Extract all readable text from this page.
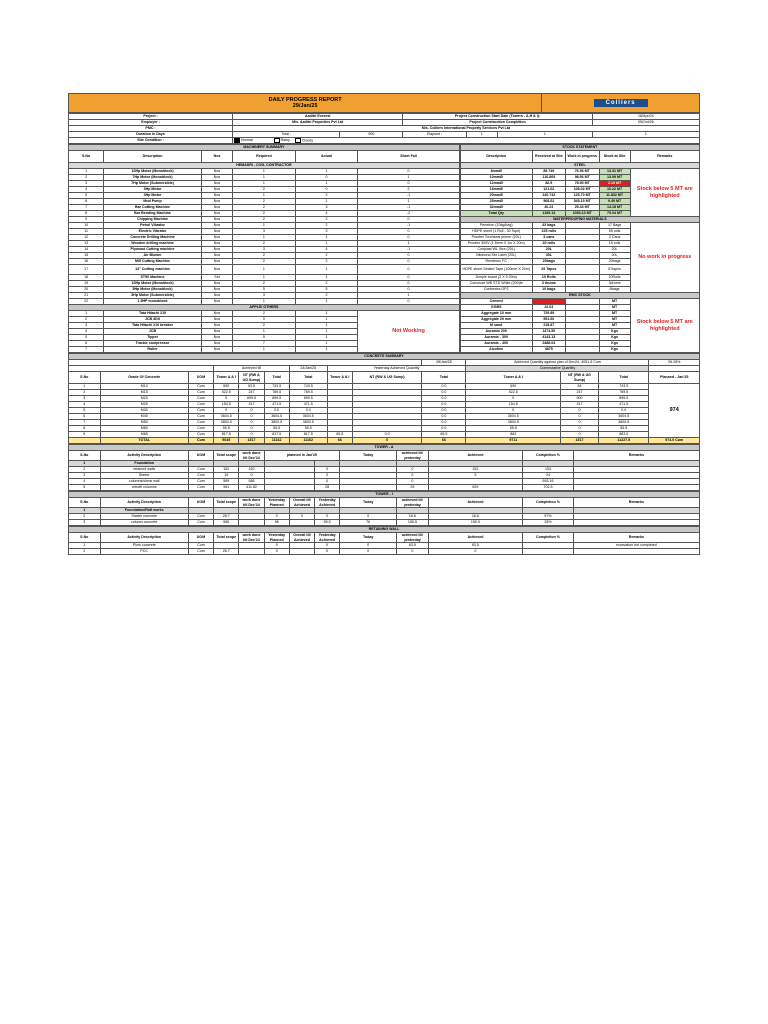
DAILY PROGRESS REPORT
29/Jan/25
	Colliers
Project :	Aaditri Everest		Project Construction Start Date (Towers - A,H & I):			18/Apr/24
Employer :	M/s. Aaditri Properties Pvt Ltd		Project Construction Completion			05/Oct/26
PMC :	M/s. Colliers International Property Services Pvt Ltd					
Duration in Days	Total :	900	Elapsed :	1	1	1
Site Condition :	Normal Rainy Cloudy					
MACHINERY SUMMARY					
S.No	Description	Nos	Required	Actual	Short Fall
HEMASRI - CIVIL CONTRACTOR					
1	10Hp Motor (Monoblock)	Nos	1	1	0
2	7Hp Motor (Monoblock)	Nos	1	0	1
3	7Hp Motor (Submersible)	Nos	1	1	0
4	3Hp Motor	Nos	2	0	2
5	3Hp Motor	Nos	1	2	-1
6	Mud Pump	Nos	2	1	1
7	Bar Cutting Machine	Nos	2	3	-1
8	Bar Bending Machine	Nos	2	4	-2
9	Chipping Machine	Nos	2	2	0
10	Petrol Vibrator	Nos	1	2	-1
11	Electric Vibrator	Nos	3	3	0
12	Concrete Drilling Machine	Nos	1	1	0
13	Wooden drilling machine	Nos	2	1	1
14	Plywood Cutting machine	Nos	3	4	-1
15	Air Blower	Nos	2	2	0
16	Mill Cutting Machine	Nos	2	2	0
17	14" Cutting machine	Nos	1	1	0
18	ST90 Machine	Set	1	1	0
19	10Hp Motor (Monoblock)	Nos	2	2	0
20	5Hp Motor (Monoblock)	Nos	5	5	0
21	3Hp Motor (Submersible)	Nos	3	2	1
22	1.5HP monoblock	Nos	1	1	0
APPLE/ OTHERS					
1	Tata Hitachi 210	Nos	2	1	Not Working
2	JCB 3DX	Nos	0	1	
3	Tata Hitachi 210 breaker	Nos	2	1	
4	JCB	Nos	1	1	
5	Tipper	Nos	5	1	
6	Tractor compressor	Nos	7	1	
7	Roller	Nos	1	1	
STOCK STATEMENT				
Description	Received at Site	Work in progress	Stock at Site	Remarks
STEEL				
8mmØ	89.749	76.56 MT	13.31 MT	Stock below 5 MT are highlighted
10mmØ	116.869	98.56 MT	13.99 MT	
12mmØ	82.9	78.90 MT	2.10 MT	
16mmØ	121.02	108.02 MT	10.22 MT	
20mmØ	140.742	125.70 MT	11.832 MT	
25mmØ	568.62	545.15 MT	9.49 MT	
32mmØ	40.24	25.43 MT	14.18 MT	
Total Qty	1159.14	1053.10 MT	79.04 MT	
WATERPROOFING MATERIALS				
Penetron (10kg/bag)	43 bags		17 Bags	No work in progress
HDPE sheet (1 Roll - 30 Sqm)	225 rolls		55 rolls	
Proofex Torchseal primer (20L)	3 cans		2 Cans	
Proofex 300V (1.5mm X 1m X 20m)	20 rolls		15 rolls	
Conplast WL Xtra (20L)	20L		20L	
Nitobond Sbr Latex (20L)	40L		20L	
Renderoc FC	20bags		20bags	
HDPE sheet Sealed Tape (100mm X 20m)	29 Tapes		57tapes	
Dimple board (2 X 9 20m)	10 Rolls		10Rolls	
Conceure WB STD White (200)ltr	3 drums		3drums	
Conbextra GP2	10 bags		8bags	
RMC STOCK				
Cement			MT	Stock below 5 MT are highlighted
GGBS	22.03		MT	
Aggregate 10 mm	729.89		MT	
Aggregate 20 mm	591.66		MT	
M sand	215.87		MT	
Auramix 200	1474.50		Kgs	
Auramix - 300	4143.13		Kgs	
Auramix - 400	2488.04		Kgs	
Alcofine	4875		Kgs	
CONCRETE SUMMARY													
									28/Jan/25	Achieved Quantity against plan of Dec24- 4051.5 Cum			26.28%
			Achieved till			24/Jan/25	Yesterday Achieved Quantity			Cummulative Quantity			
S.No	Grade Of Concrete	UOM	Tower A & I	NT (RW & UG Sump)	Total	Total	Tower A & I	NT (RW & UG Sump)	Total	Tower A & I	NT (RW & UG Sump)	Total	Planned - Jan'25
1	M10	Cum	690	53.5	743.5	743.5			0.0	690	54	743.5	974
2	M15	Cum	522.5	247	769.5	769.5			0.0	522.5	247	769.5	
3	M20	Cum	0	899.5	899.5	899.5			0.0	0	900	899.5	
4	M25	Cum	154.5	317	471.5	471.5			0.0	154.5	317	471.5	
5	M30	Cum	0	0	0.0	0.0			0.0	0	0	0.0	
6	M40	Cum	3604.5	0	3604.5	3604.5			0.0	3604.5	0	3604.5	
7	M50	Cum	3800.5	0	3800.5	3800.5			0.0	3800.5	0	3800.5	
8	M60	Cum	55.5	0	55.5	55.5			0.0	55.5	0	55.5	
9	M65	Cum	817.5	0	817.5	817.5	65.5	0.0	65.5	883	0	883.0	
	TOTAL	Cum	9645	1517	11162	11162	66	0	66	9711	1517	11227.5	974.0 Cum
TOWER - A											
S.No	Activity Description	UOM	Total scope	work done till Dec'24	planned in Jan'25		Today	achieved till yesterday	Achieved	Completion %	Remarks
1	Foundation										
2	retained walls	Cum	152	152		0		0	152	153	
3	Starter	Cum	19	0		0		0	5	24	
4	columns/shear wall	Cum	589	588		0		0		693.16	
5	retrofit columns	Cum	981	411.82		28		29	629	702.5	
TOWER - I												
S.No	Activity Description	UOM	Total scope	work done till Dec'24	Yesterday Planned	Overall till Achieved	Yesterday Achieved	Today	achieved till yesterday	Achieved	Completion %	Remarks
1	Foundation/Raft works											
2	Starter concrete	Cum	28.7		0	0	0	0	18.6	18.6	57%	
3	column concrete	Cum	585		58		59.5	76	155.5	155.5	28%	
RETAINING WALL												
S.No	Activity Description	UOM	Total scope	work done till Dec'24	Yesterday Planned	Overall till Achieved	Yesterday Achieved	Today	achieved till yesterday	Achieved	Completion %	Remarks
1	Plum concrete	Cum			0		0	0	63.5	63.5		excavation not completed
2	PCC	Cum	26.7		0		0	0	0	0		
